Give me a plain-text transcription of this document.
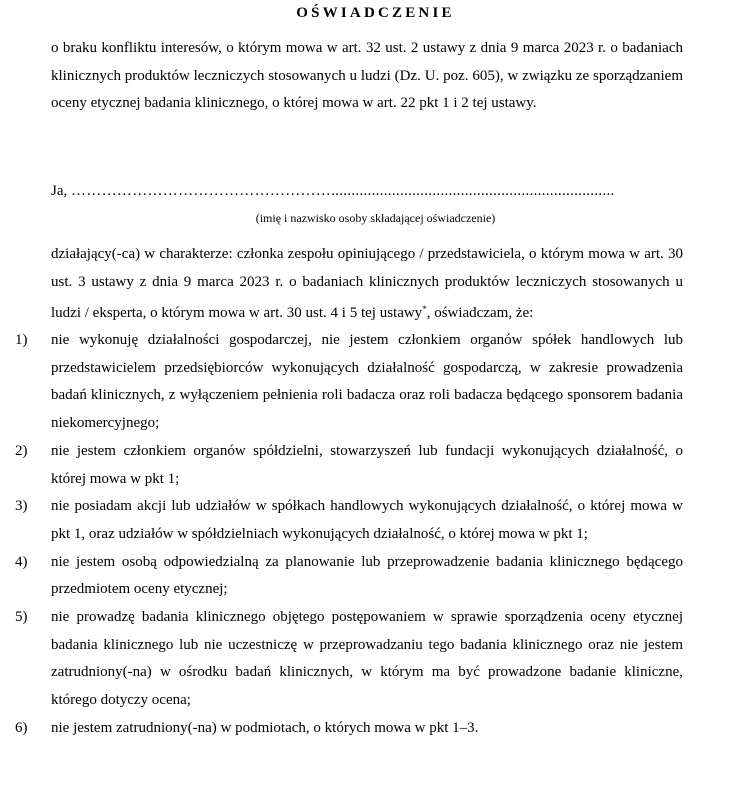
OŚWIADCZENIE
o braku konfliktu interesów, o którym mowa w art. 32 ust. 2 ustawy z dnia 9 marca 2023 r. o badaniach klinicznych produktów leczniczych stosowanych u ludzi (Dz. U. poz. 605), w związku ze sporządzaniem oceny etycznej badania klinicznego, o której mowa w art. 22 pkt 1 i 2 tej ustawy.
Ja, ……………………………………………......................................................................
(imię i nazwisko osoby składającej oświadczenie)
działający(-ca) w charakterze: członka zespołu opiniującego / przedstawiciela, o którym mowa w art. 30 ust. 3 ustawy z dnia 9 marca 2023 r. o badaniach klinicznych produktów leczniczych stosowanych u ludzi / eksperta, o którym mowa w art. 30 ust. 4 i 5 tej ustawy*, oświadczam, że:
1) nie wykonuję działalności gospodarczej, nie jestem członkiem organów spółek handlowych lub przedstawicielem przedsiębiorców wykonujących działalność gospodarczą, w zakresie prowadzenia badań klinicznych, z wyłączeniem pełnienia roli badacza oraz roli badacza będącego sponsorem badania niekomercyjnego;
2) nie jestem członkiem organów spółdzielni, stowarzyszeń lub fundacji wykonujących działalność, o której mowa w pkt 1;
3) nie posiadam akcji lub udziałów w spółkach handlowych wykonujących działalność, o której mowa w pkt 1, oraz udziałów w spółdzielniach wykonujących działalność, o której mowa w pkt 1;
4) nie jestem osobą odpowiedzialną za planowanie lub przeprowadzenie badania klinicznego będącego przedmiotem oceny etycznej;
5) nie prowadzę badania klinicznego objętego postępowaniem w sprawie sporządzenia oceny etycznej badania klinicznego lub nie uczestniczę w przeprowadzaniu tego badania klinicznego oraz nie jestem zatrudniony(-na) w ośrodku badań klinicznych, w którym ma być prowadzone badanie kliniczne, którego dotyczy ocena;
6) nie jestem zatrudniony(-na) w podmiotach, o których mowa w pkt 1–3.
